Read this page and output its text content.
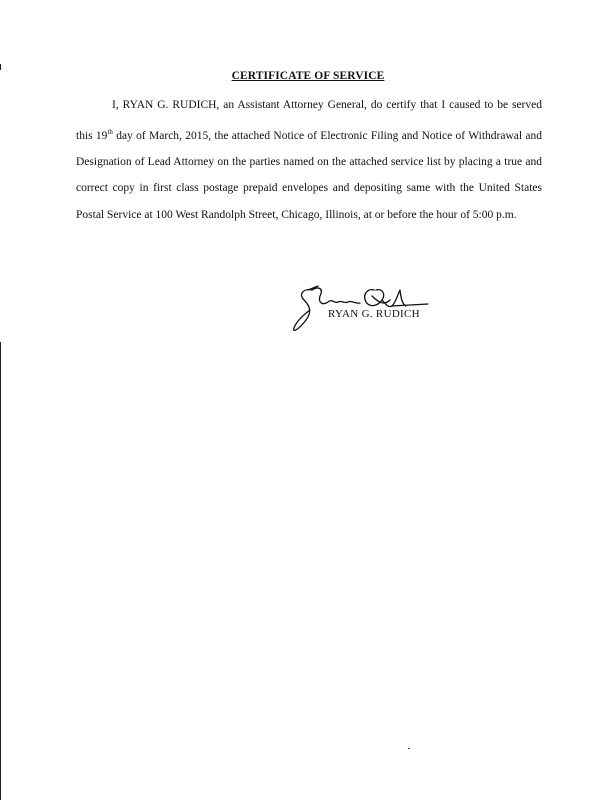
CERTIFICATE OF SERVICE

I, RYAN G. RUDICH, an Assistant Attorney General, do certify that I caused to be served this 19th day of March, 2015, the attached Notice of Electronic Filing and Notice of Withdrawal and Designation of Lead Attorney on the parties named on the attached service list by placing a true and correct copy in first class postage prepaid envelopes and depositing same with the United States Postal Service at 100 West Randolph Street, Chicago, Illinois, at or before the hour of 5:00 p.m.

RYAN G. RUDICH
